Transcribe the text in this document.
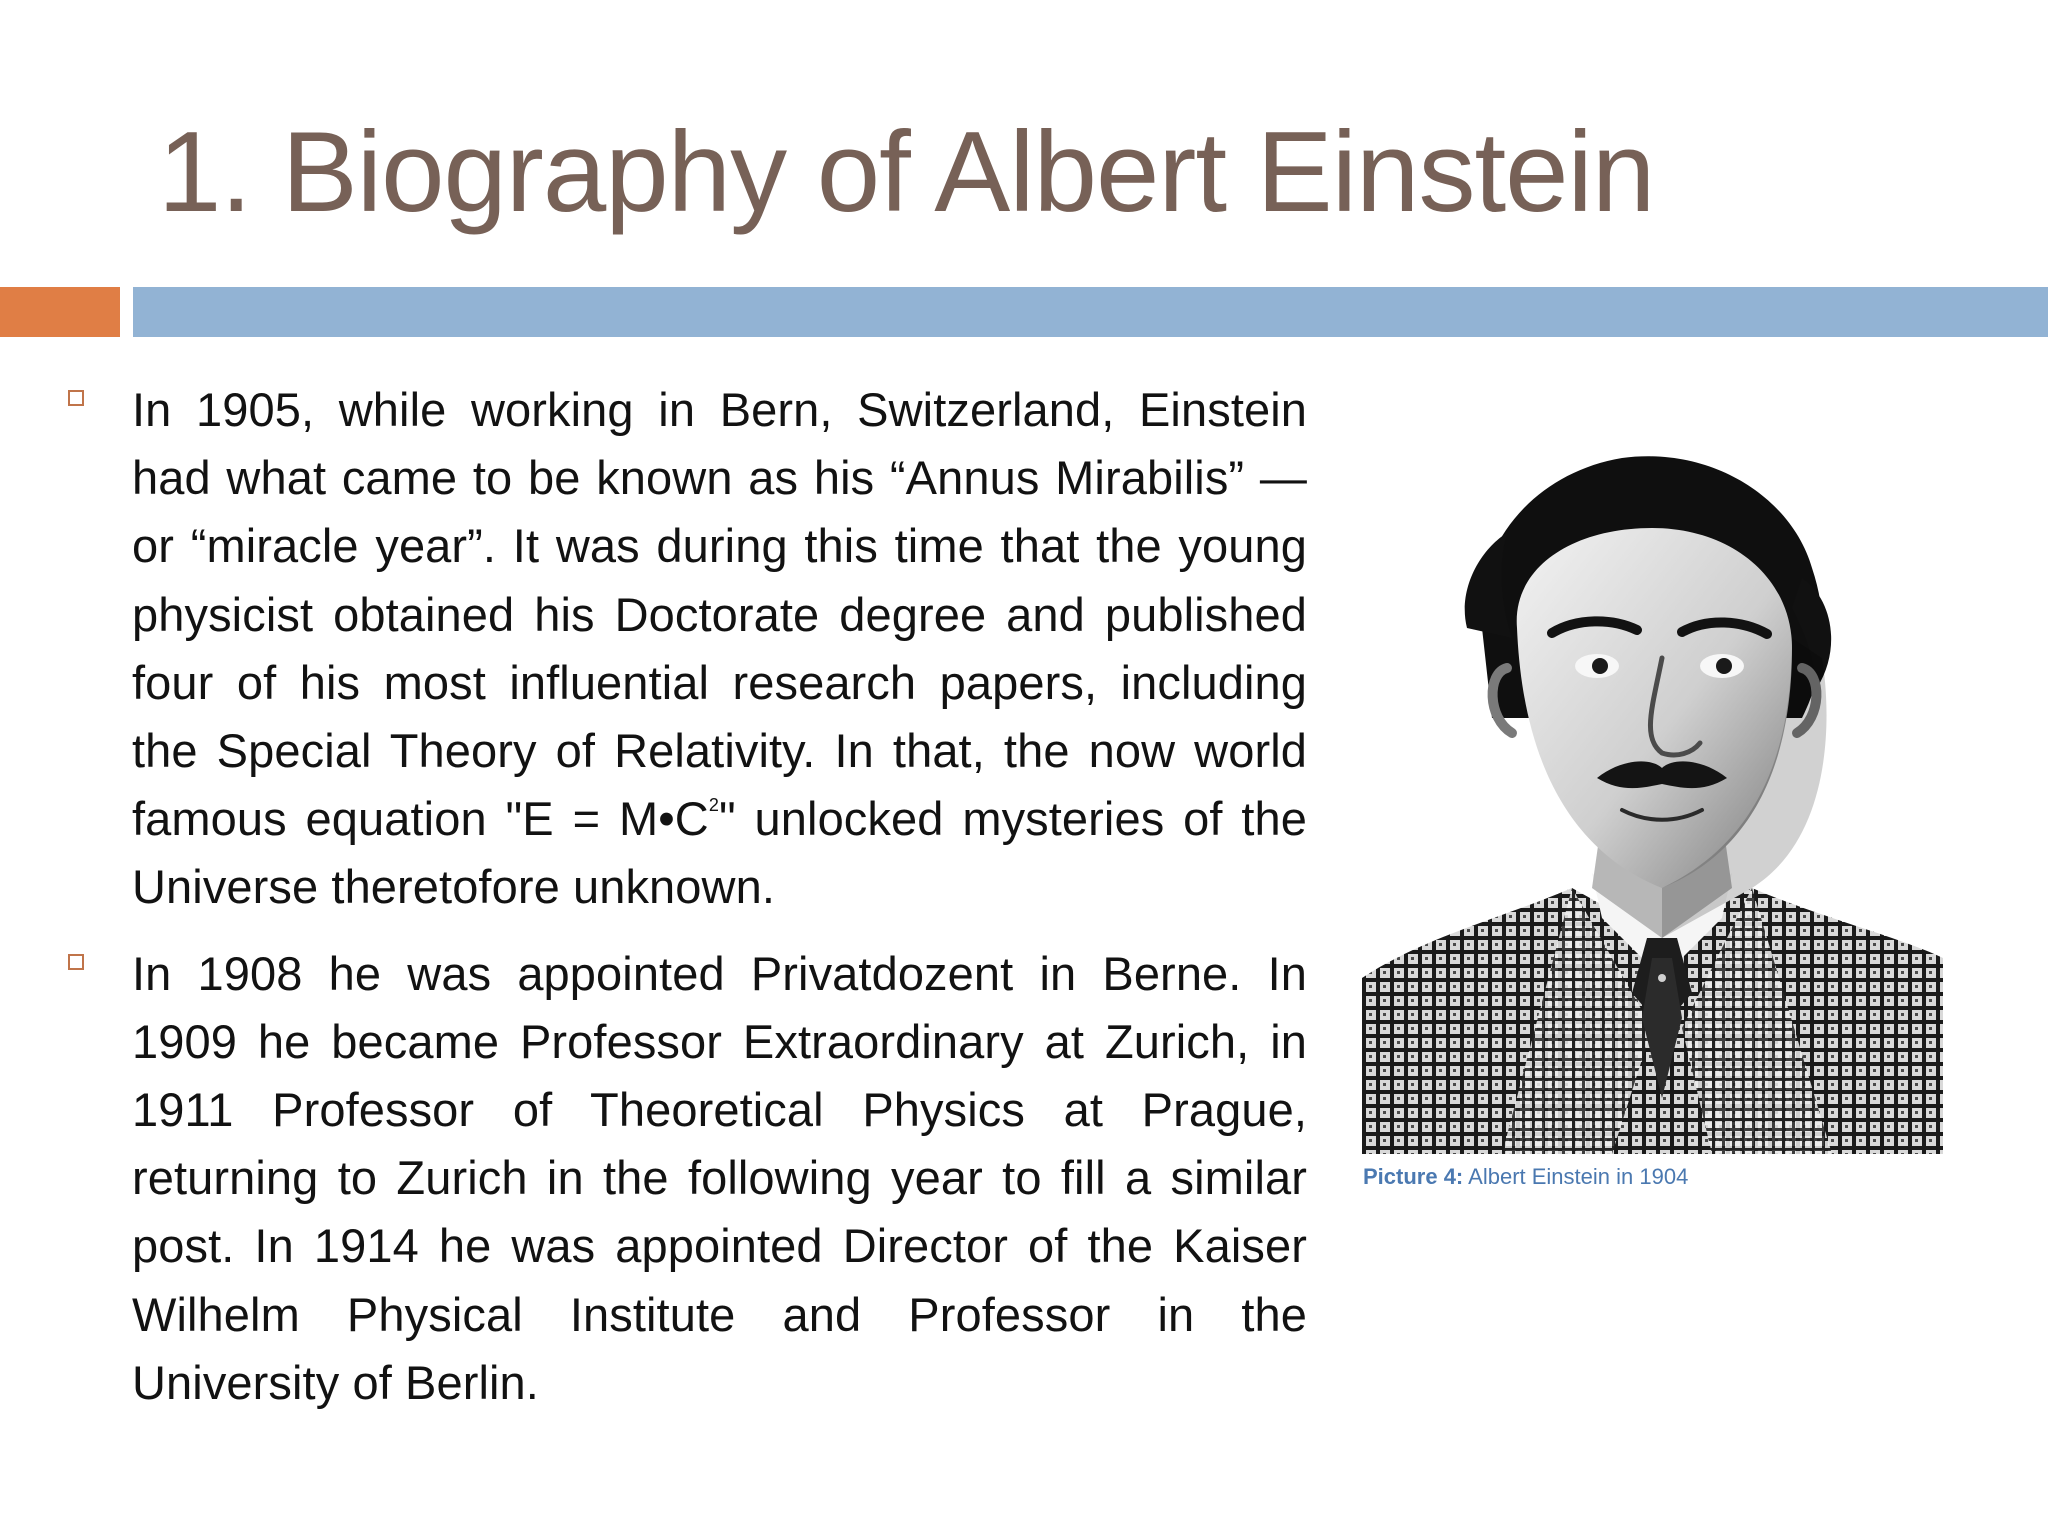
1. Biography of Albert Einstein
In 1905, while working in Bern, Switzerland, Einstein had what came to be known as his “Annus Mirabilis” — or “miracle year”. It was during this time that the young physicist obtained his Doctorate degree and published four of his most influential research papers, including the Special Theory of Relativity. In that, the now world famous equation "$E = M•C^2$" unlocked mysteries of the Universe theretofore unknown.
In 1908 he was appointed Privatdozent in Berne. In 1909 he became Professor Extraordinary at Zurich, in 1911 Professor of Theoretical Physics at Prague, returning to Zurich in the following year to fill a similar post. In 1914 he was appointed Director of the Kaiser Wilhelm Physical Institute and Professor in the University of Berlin.
Picture 4: Albert Einstein in 1904
